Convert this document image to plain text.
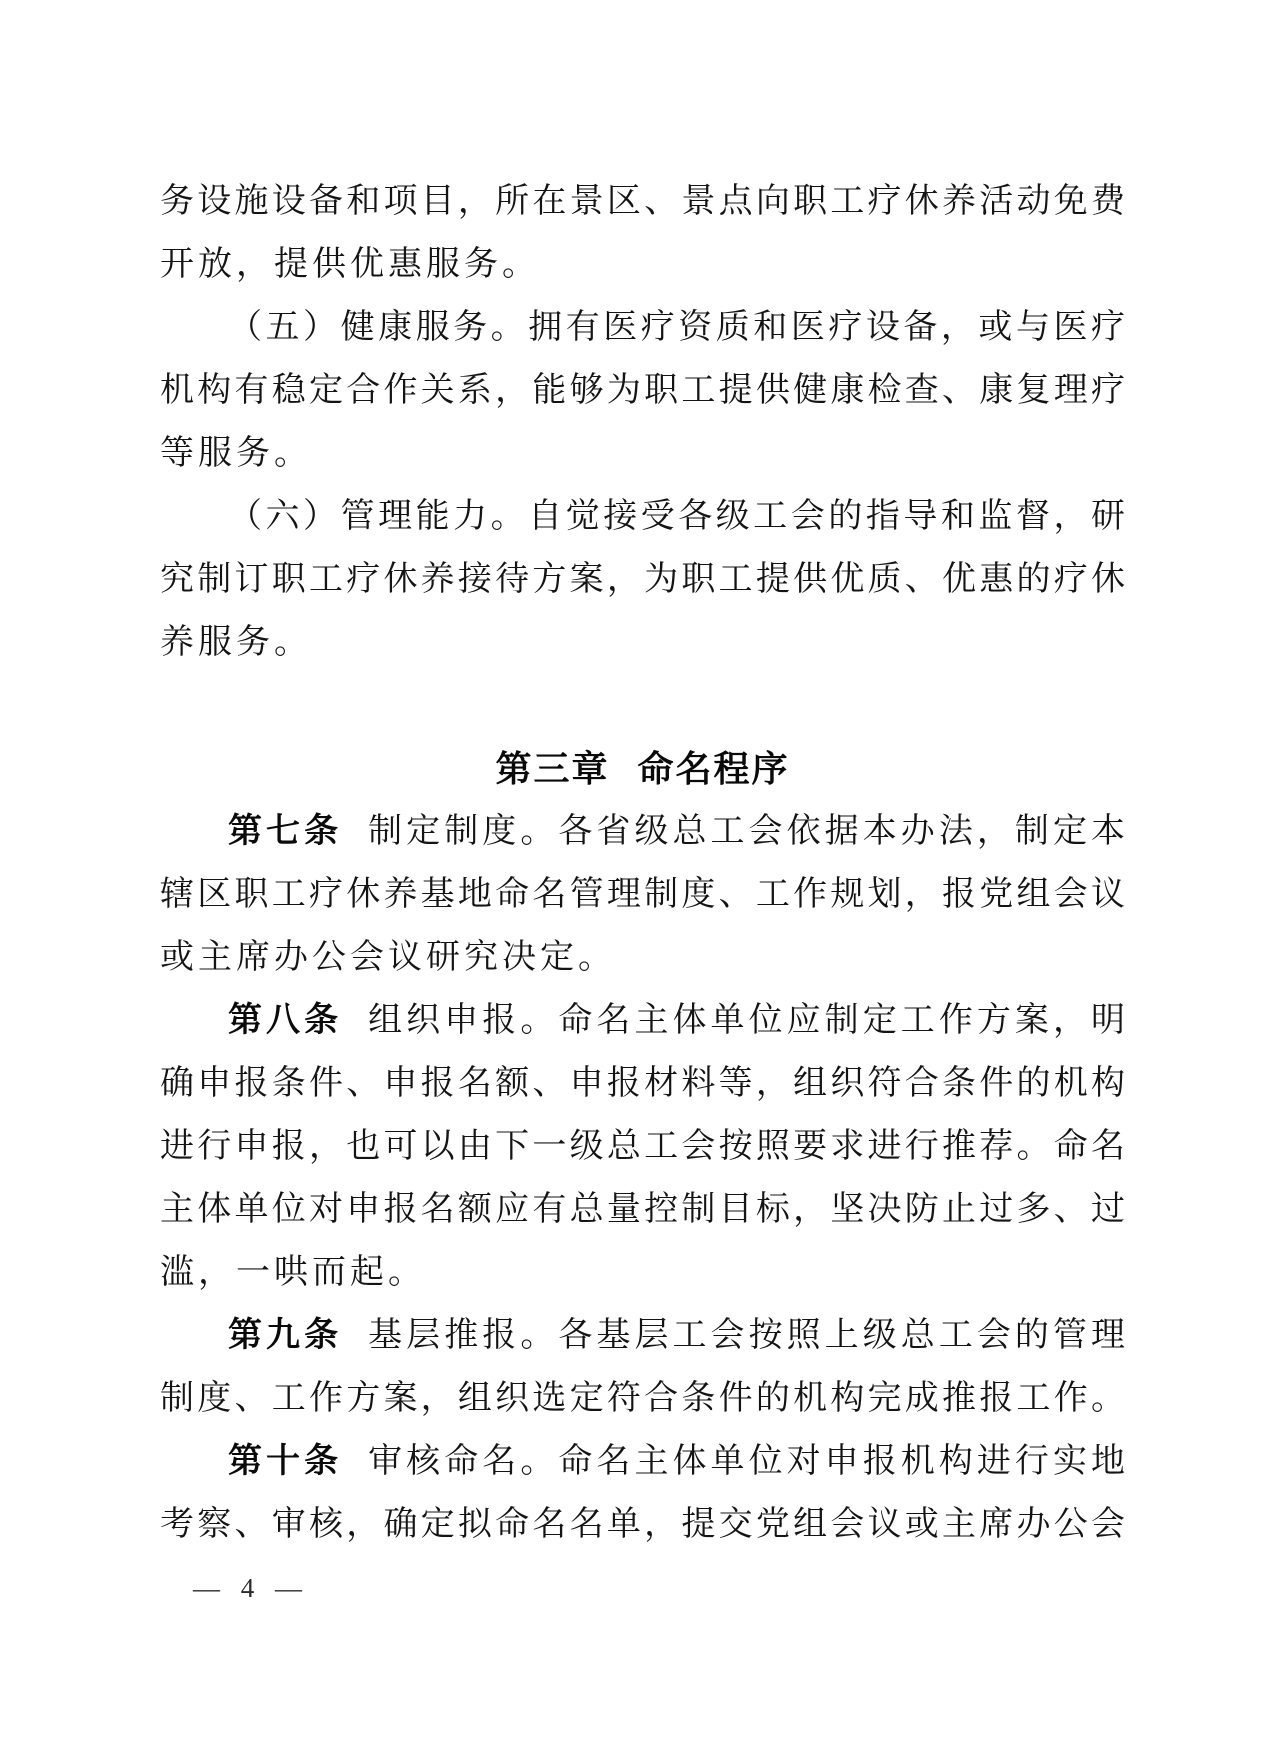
务设施设备和项目，所在景区、景点向职工疗休养活动免费
开放，提供优惠服务。
（五）健康服务。拥有医疗资质和医疗设备，或与医疗
机构有稳定合作关系，能够为职工提供健康检查、康复理疗
等服务。
（六）管理能力。自觉接受各级工会的指导和监督，研
究制订职工疗休养接待方案，为职工提供优质、优惠的疗休
养服务。
第三章 命名程序
第七条 制定制度。各省级总工会依据本办法，制定本
辖区职工疗休养基地命名管理制度、工作规划，报党组会议
或主席办公会议研究决定。
第八条 组织申报。命名主体单位应制定工作方案，明
确申报条件、申报名额、申报材料等，组织符合条件的机构
进行申报，也可以由下一级总工会按照要求进行推荐。命名
主体单位对申报名额应有总量控制目标，坚决防止过多、过
滥，一哄而起。
第九条 基层推报。各基层工会按照上级总工会的管理
制度、工作方案，组织选定符合条件的机构完成推报工作。
第十条 审核命名。命名主体单位对申报机构进行实地
考察、审核，确定拟命名名单，提交党组会议或主席办公会
— 4 —
